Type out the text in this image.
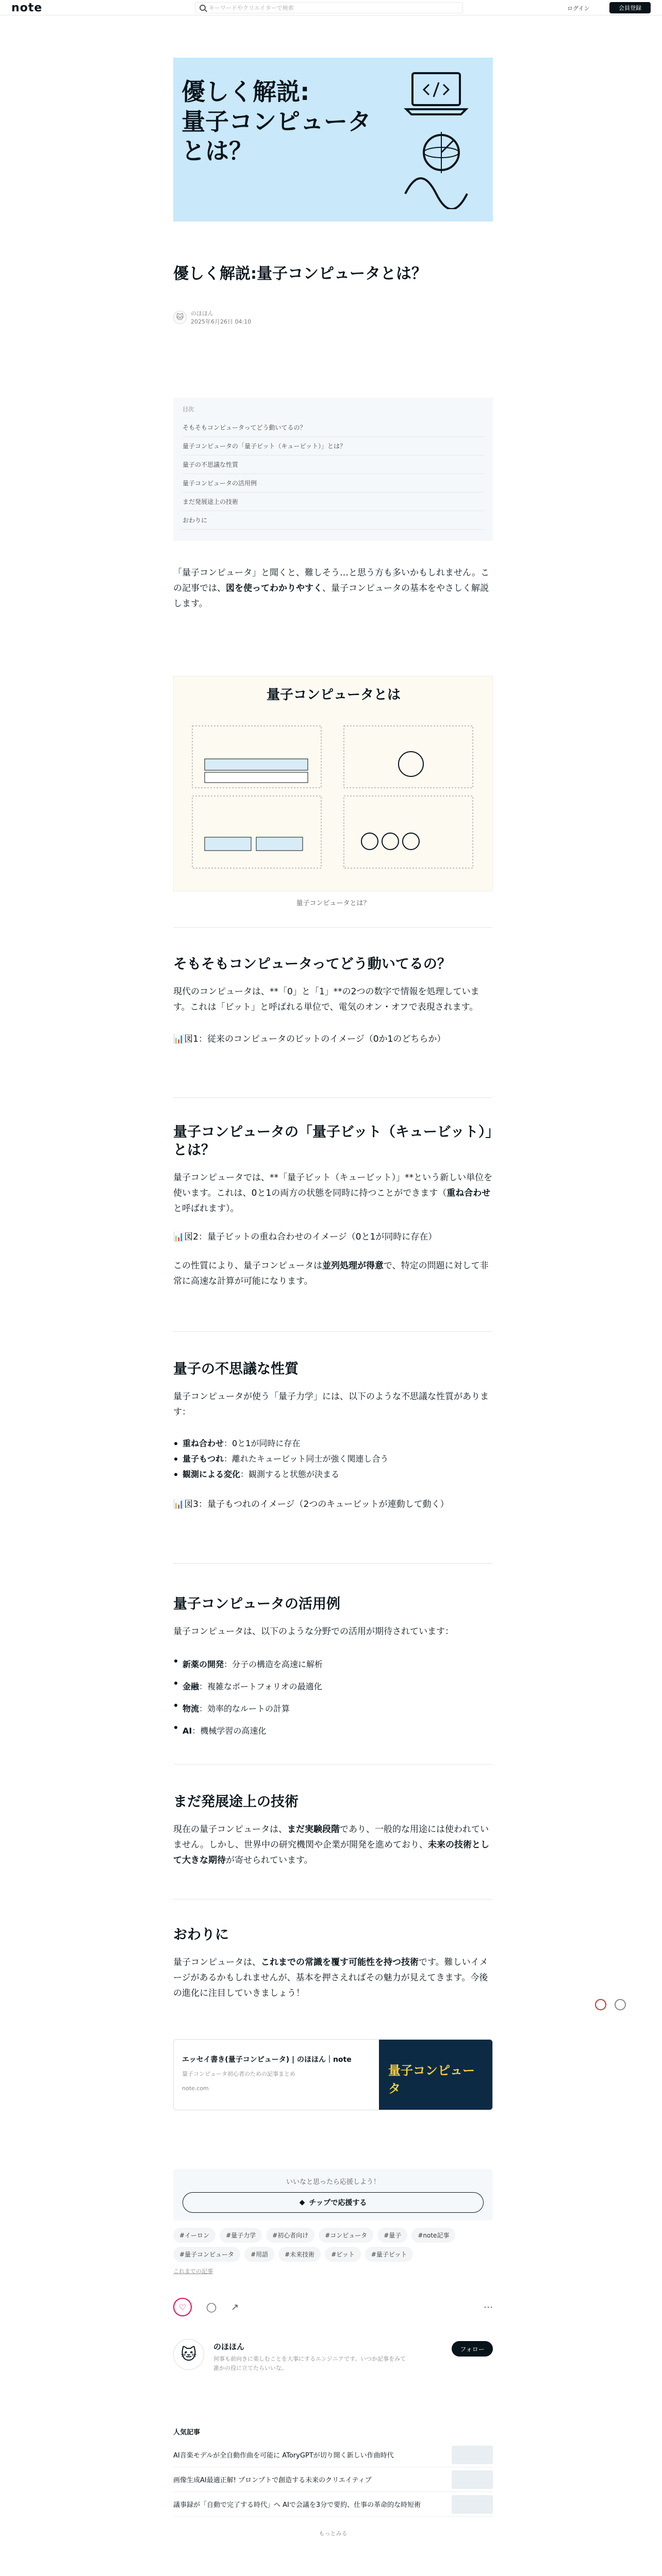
note	キーワードやクリエイターで検索	ログイン	会員登録
優しく解説:
量子コンピュータ
とは？
優しく解説:量子コンピュータとは？
🐱	のほほん
2025年6月26日 04:10
目次
そもそもコンピュータってどう動いてるの？
量子コンピュータの「量子ビット（キュービット）」とは？
量子の不思議な性質
量子コンピュータの活用例
まだ発展途上の技術
おわりに

「量子コンピュータ」と聞くと、難しそう…と思う方も多いかもしれません。この記事では、図を使ってわかりやすく、量子コンピュータの基本をやさしく解説します。

量子コンピュータとは

量子コンピュータとは？

そもそもコンピュータってどう動いてるの？

現代のコンピュータは、**「0」と「1」**の2つの数字で情報を処理しています。これは「ビット」と呼ばれる単位で、電気のオン・オフで表現されます。

📊図1：従来のコンピュータのビットのイメージ（0か1のどちらか）

量子コンピュータの「量子ビット（キュービット）」とは？

量子コンピュータでは、**「量子ビット（キュービット）」**という新しい単位を使います。これは、0と1の両方の状態を同時に持つことができます（重ね合わせと呼ばれます）。

📊図2：量子ビットの重ね合わせのイメージ（0と1が同時に存在）

この性質により、量子コンピュータは並列処理が得意で、特定の問題に対して非常に高速な計算が可能になります。

量子の不思議な性質

量子コンピュータが使う「量子力学」には、以下のような不思議な性質があります：

重ね合わせ：0と1が同時に存在
量子もつれ：離れたキュービット同士が強く関連し合う
観測による変化：観測すると状態が決まる

📊図3：量子もつれのイメージ（2つのキュービットが連動して動く）

量子コンピュータの活用例

量子コンピュータは、以下のような分野での活用が期待されています：

新薬の開発：分子の構造を高速に解析
金融：複雑なポートフォリオの最適化
物流：効率的なルートの計算
AI：機械学習の高速化
まだ発展途上の技術

現在の量子コンピュータは、まだ実験段階であり、一般的な用途には使われていません。しかし、世界中の研究機関や企業が開発を進めており、未来の技術として大きな期待が寄せられています。

おわりに

量子コンピュータは、これまでの常識を覆す可能性を持つ技術です。難しいイメージがあるかもしれませんが、基本を押さえればその魅力が見えてきます。今後の進化に注目していきましょう！

エッセイ書き(量子コンピュータ) | のほほん｜note
量子コンピュータ初心者のための記事まとめ
note.com
量子コンピュータ
いいなと思ったら応援しよう！
◆ チップで応援する
#イーロン	#量子力学	#初心者向け	#コンピュータ	#量子	#note記事
#量子コンピュータ	#用語	#未来技術	#ビット	#量子ビット
これまでの記事
♡	◯ ↗	⋯
🐱	のほほん
何事も前向きに楽しむことを大事にするエンジニアです。いつか記事をみて誰かの役に立てたらいいな。
フォロー
人気記事
AI音楽モデルが全自動作曲を可能に AToryGPTが切り開く新しい作曲時代
画像生成AI最適正解! プロンプトで創造する未来のクリエイティブ
議事録が「自動で完了する時代」へ AIで会議を3分で要約、仕事の革命的な時短術
もっとみる
